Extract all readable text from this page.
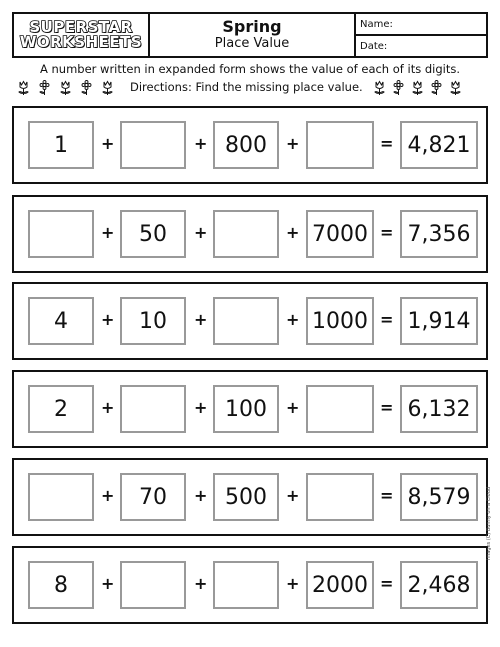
SUPERSTAR
WORKSHEETS
Spring
Place Value
Name:
Date:
A number written in expanded form shows the value of each of its digits.
Directions: Find the missing place value.
1	+	+ 800	+	= 4,821
+	50	+	+ 7000 = 7,356
4	+	10	+	+ 1000 = 1,914
2	+	+ 100	+	= 6,132
+	70	+ 500	+	= 8,579
8	+	+	+ 2000 = 2,468
Images (C) Bunny on a Cloud
